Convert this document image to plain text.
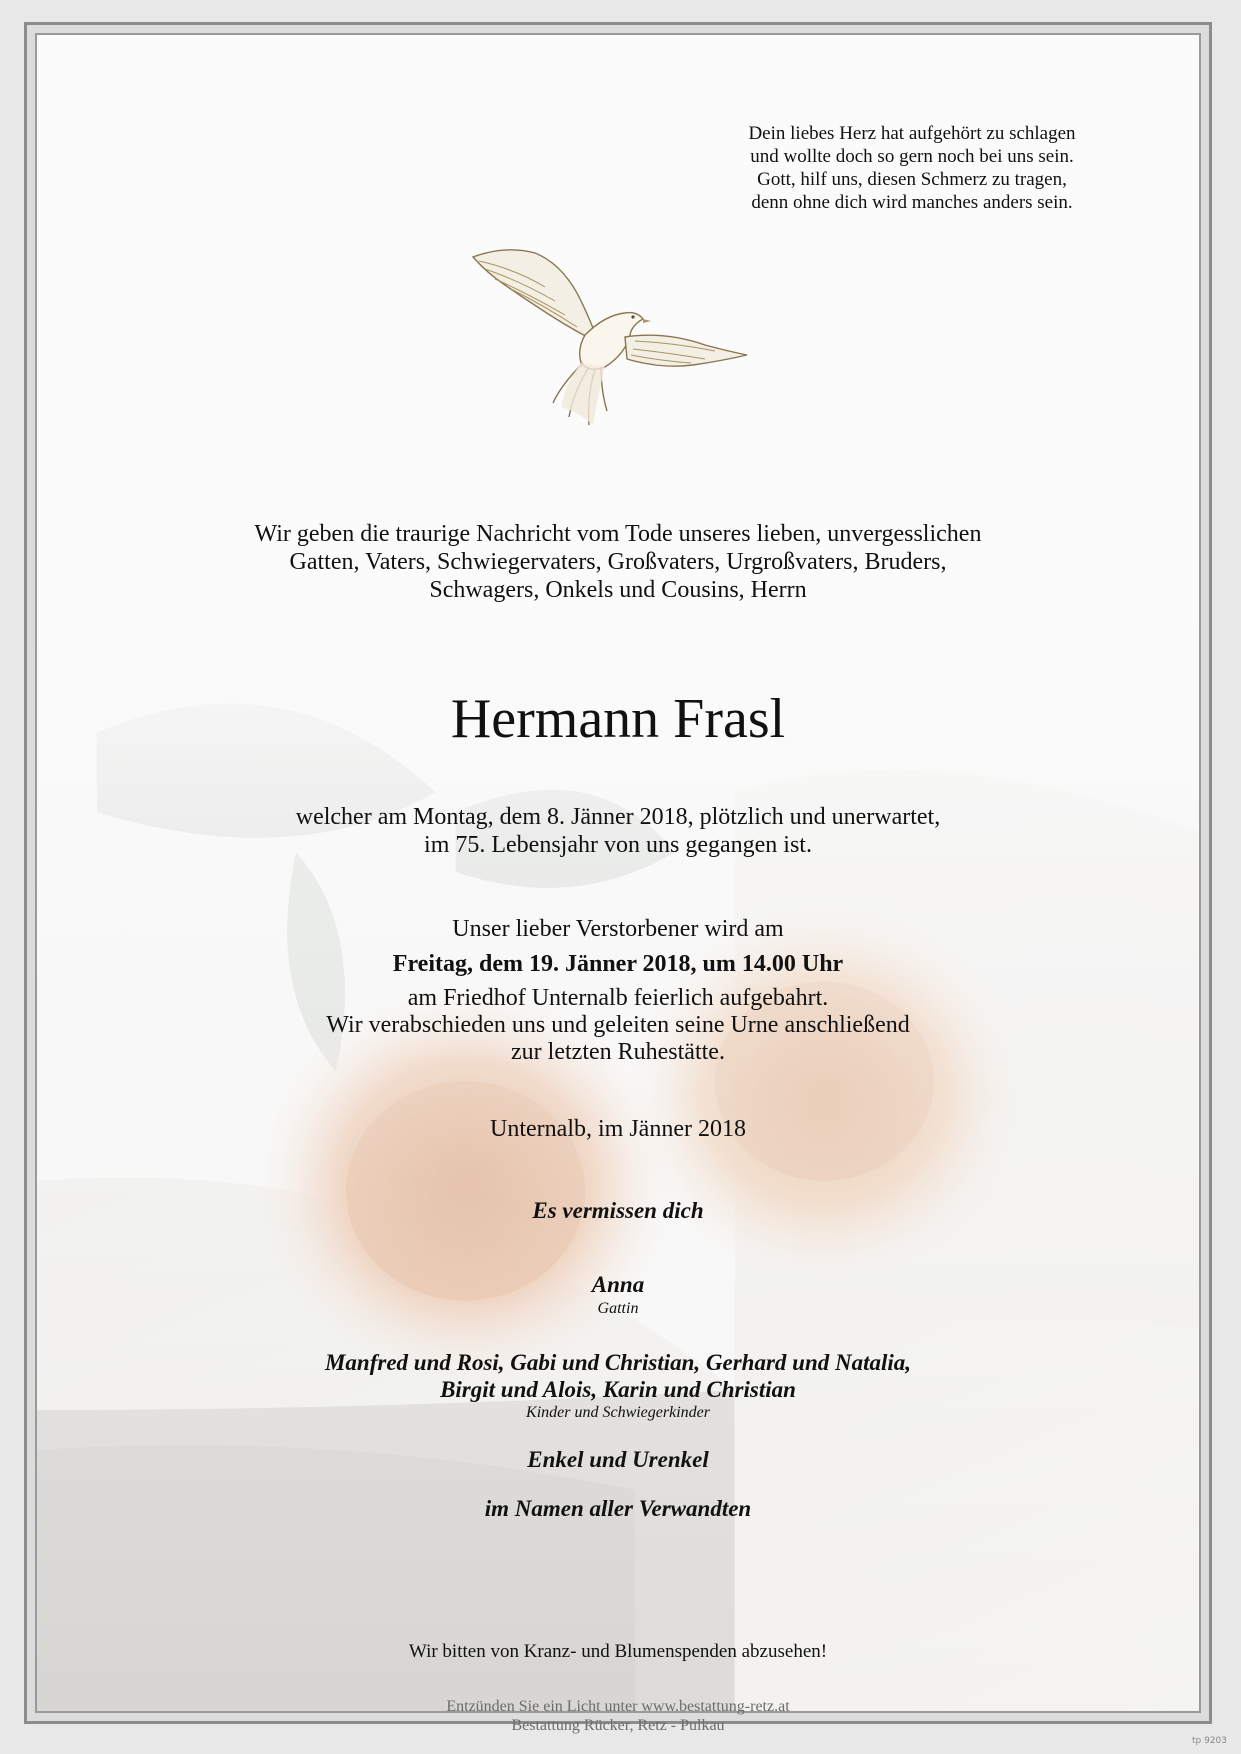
Dein liebes Herz hat aufgehört zu schlagen
und wollte doch so gern noch bei uns sein.
Gott, hilf uns, diesen Schmerz zu tragen,
denn ohne dich wird manches anders sein.
Wir geben die traurige Nachricht vom Tode unseres lieben, unvergesslichen
Gatten, Vaters, Schwiegervaters, Großvaters, Urgroßvaters, Bruders,
Schwagers, Onkels und Cousins, Herrn
Hermann Frasl
welcher am Montag, dem 8. Jänner 2018, plötzlich und unerwartet,
im 75. Lebensjahr von uns gegangen ist.
Unser lieber Verstorbener wird am
Freitag, dem 19. Jänner 2018, um 14.00 Uhr
am Friedhof Unternalb feierlich aufgebahrt.
Wir verabschieden uns und geleiten seine Urne anschließend
zur letzten Ruhestätte.
Unternalb, im Jänner 2018
Es vermissen dich
Anna
Gattin
Manfred und Rosi, Gabi und Christian, Gerhard und Natalia,
Birgit und Alois, Karin und Christian
Kinder und Schwiegerkinder
Enkel und Urenkel
im Namen aller Verwandten
Wir bitten von Kranz- und Blumenspenden abzusehen!
Entzünden Sie ein Licht unter www.bestattung-retz.at
Bestattung Rücker, Retz - Pulkau
tp 9203
